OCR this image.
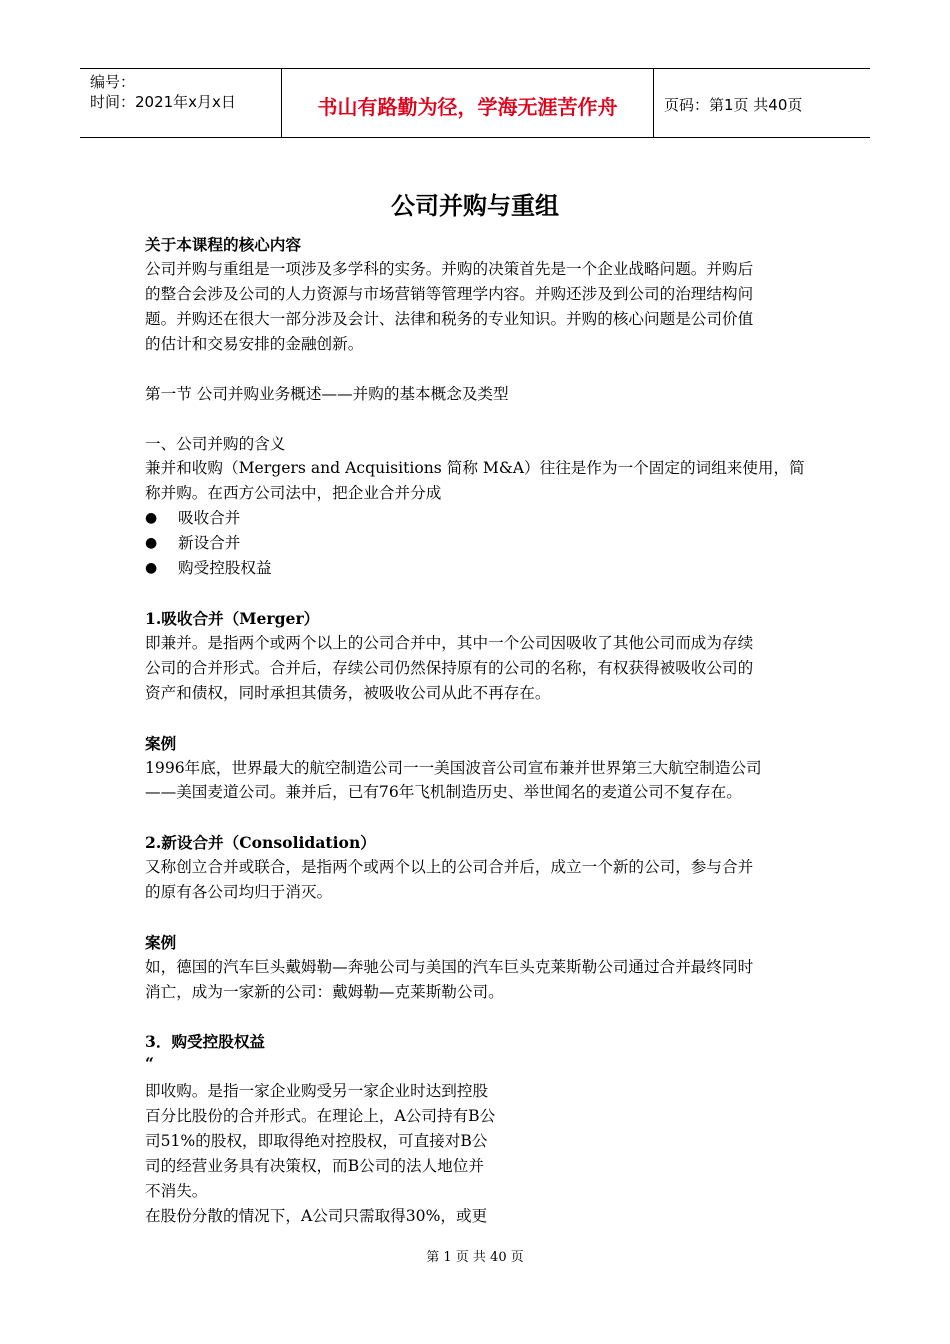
编号：
时间：2021年x月x日	书山有路勤为径，学海无涯苦作舟	页码：第1页 共40页
公司并购与重组
关于本课程的核心内容
公司并购与重组是一项涉及多学科的实务。并购的决策首先是一个企业战略问题。并购后
的整合会涉及公司的人力资源与市场营销等管理学内容。并购还涉及到公司的治理结构问
题。并购还在很大一部分涉及会计、法律和税务的专业知识。并购的核心问题是公司价值
的估计和交易安排的金融创新。
第一节 公司并购业务概述——并购的基本概念及类型
一、公司并购的含义
兼并和收购（Mergers and Acquisitions 简称 M&A）往往是作为一个固定的词组来使用，简
称并购。在西方公司法中，把企业合并分成
● 吸收合并
● 新设合并
● 购受控股权益
1.吸收合并（Merger）
即兼并。是指两个或两个以上的公司合并中，其中一个公司因吸收了其他公司而成为存续
公司的合并形式。合并后，存续公司仍然保持原有的公司的名称，有权获得被吸收公司的
资产和债权，同时承担其债务，被吸收公司从此不再存在。
案例
1996年底，世界最大的航空制造公司一一美国波音公司宣布兼并世界第三大航空制造公司
——美国麦道公司。兼并后，已有76年飞机制造历史、举世闻名的麦道公司不复存在。
2.新设合并（Consolidation）
又称创立合并或联合，是指两个或两个以上的公司合并后，成立一个新的公司，参与合并
的原有各公司均归于消灭。
案例
如，德国的汽车巨头戴姆勒—奔驰公司与美国的汽车巨头克莱斯勒公司通过合并最终同时
消亡，成为一家新的公司：戴姆勒—克莱斯勒公司。
3．购受控股权益
“
即收购。是指一家企业购受另一家企业时达到控股
百分比股份的合并形式。在理论上，A公司持有B公
司51%的股权，即取得绝对控股权，可直接对B公
司的经营业务具有决策权，而B公司的法人地位并
不消失。
在股份分散的情况下，A公司只需取得30%，或更
第 1 页 共 40 页
